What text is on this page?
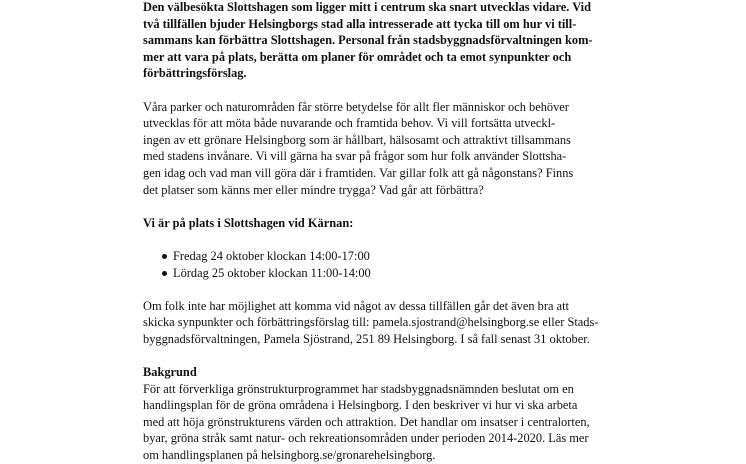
Den välbesökta Slottshagen som ligger mitt i centrum ska snart utvecklas vidare. Vid
två tillfällen bjuder Helsingborgs stad alla intresserade att tycka till om hur vi till-
sammans kan förbättra Slottshagen. Personal från stadsbyggnadsförvaltningen kom-
mer att vara på plats, berätta om planer för området och ta emot synpunkter och
förbättringsförslag.
Våra parker och naturområden får större betydelse för allt fler människor och behöver
utvecklas för att möta både nuvarande och framtida behov. Vi vill fortsätta utveckl-
ingen av ett grönare Helsingborg som är hållbart, hälsosamt och attraktivt tillsammans
med stadens invånare. Vi vill gärna ha svar på frågor som hur folk använder Slottsha-
gen idag och vad man vill göra där i framtiden. Var gillar folk att gå någonstans? Finns
det platser som känns mer eller mindre trygga? Vad går att förbättra?
Vi är på plats i Slottshagen vid Kärnan:
Fredag 24 oktober klockan 14:00-17:00
Lördag 25 oktober klockan 11:00-14:00
Om folk inte har möjlighet att komma vid något av dessa tillfällen går det även bra att
skicka synpunkter och förbättringsförslag till: pamela.sjostrand@helsingborg.se eller Stads-
byggnadsförvaltningen, Pamela Sjöstrand, 251 89 Helsingborg. I så fall senast 31 oktober.
Bakgrund
För att förverkliga grönstrukturprogrammet har stadsbyggnadsnämnden beslutat om en
handlingsplan för de gröna områdena i Helsingborg. I den beskriver vi hur vi ska arbeta
med att höja grönstrukturens värden och attraktion. Det handlar om insatser i centralorten,
byar, gröna stråk samt natur- och rekreationsområden under perioden 2014-2020. Läs mer
om handlingsplanen på helsingborg.se/gronarehelsingborg.
